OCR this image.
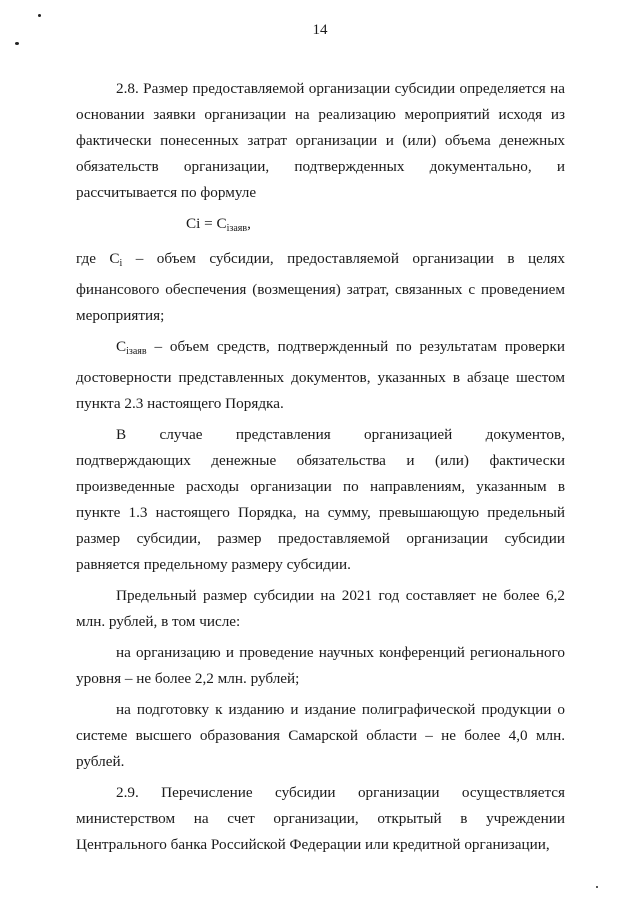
14

2.8. Размер предоставляемой организации субсидии определяется на основании заявки организации на реализацию мероприятий исходя из фактически понесенных затрат организации и (или) объема денежных обязательств организации, подтвержденных документально, и рассчитывается по формуле

$Ci = C_{iзаяв}$,

где $C_i$ – объем субсидии, предоставляемой организации в целях финансового обеспечения (возмещения) затрат, связанных с проведением мероприятия;

$C_{iзаяв}$ – объем средств, подтвержденный по результатам проверки достоверности представленных документов, указанных в абзаце шестом пункта 2.3 настоящего Порядка.

В случае представления организацией документов, подтверждающих денежные обязательства и (или) фактически произведенные расходы организации по направлениям, указанным в пункте 1.3 настоящего Порядка, на сумму, превышающую предельный размер субсидии, размер предоставляемой организации субсидии равняется предельному размеру субсидии.

Предельный размер субсидии на 2021 год составляет не более 6,2 млн. рублей, в том числе:

на организацию и проведение научных конференций регионального уровня – не более 2,2 млн. рублей;

на подготовку к изданию и издание полиграфической продукции о системе высшего образования Самарской области – не более 4,0 млн. рублей.

2.9. Перечисление субсидии организации осуществляется министерством на счет организации, открытый в учреждении Центрального банка Российской Федерации или кредитной организации,
